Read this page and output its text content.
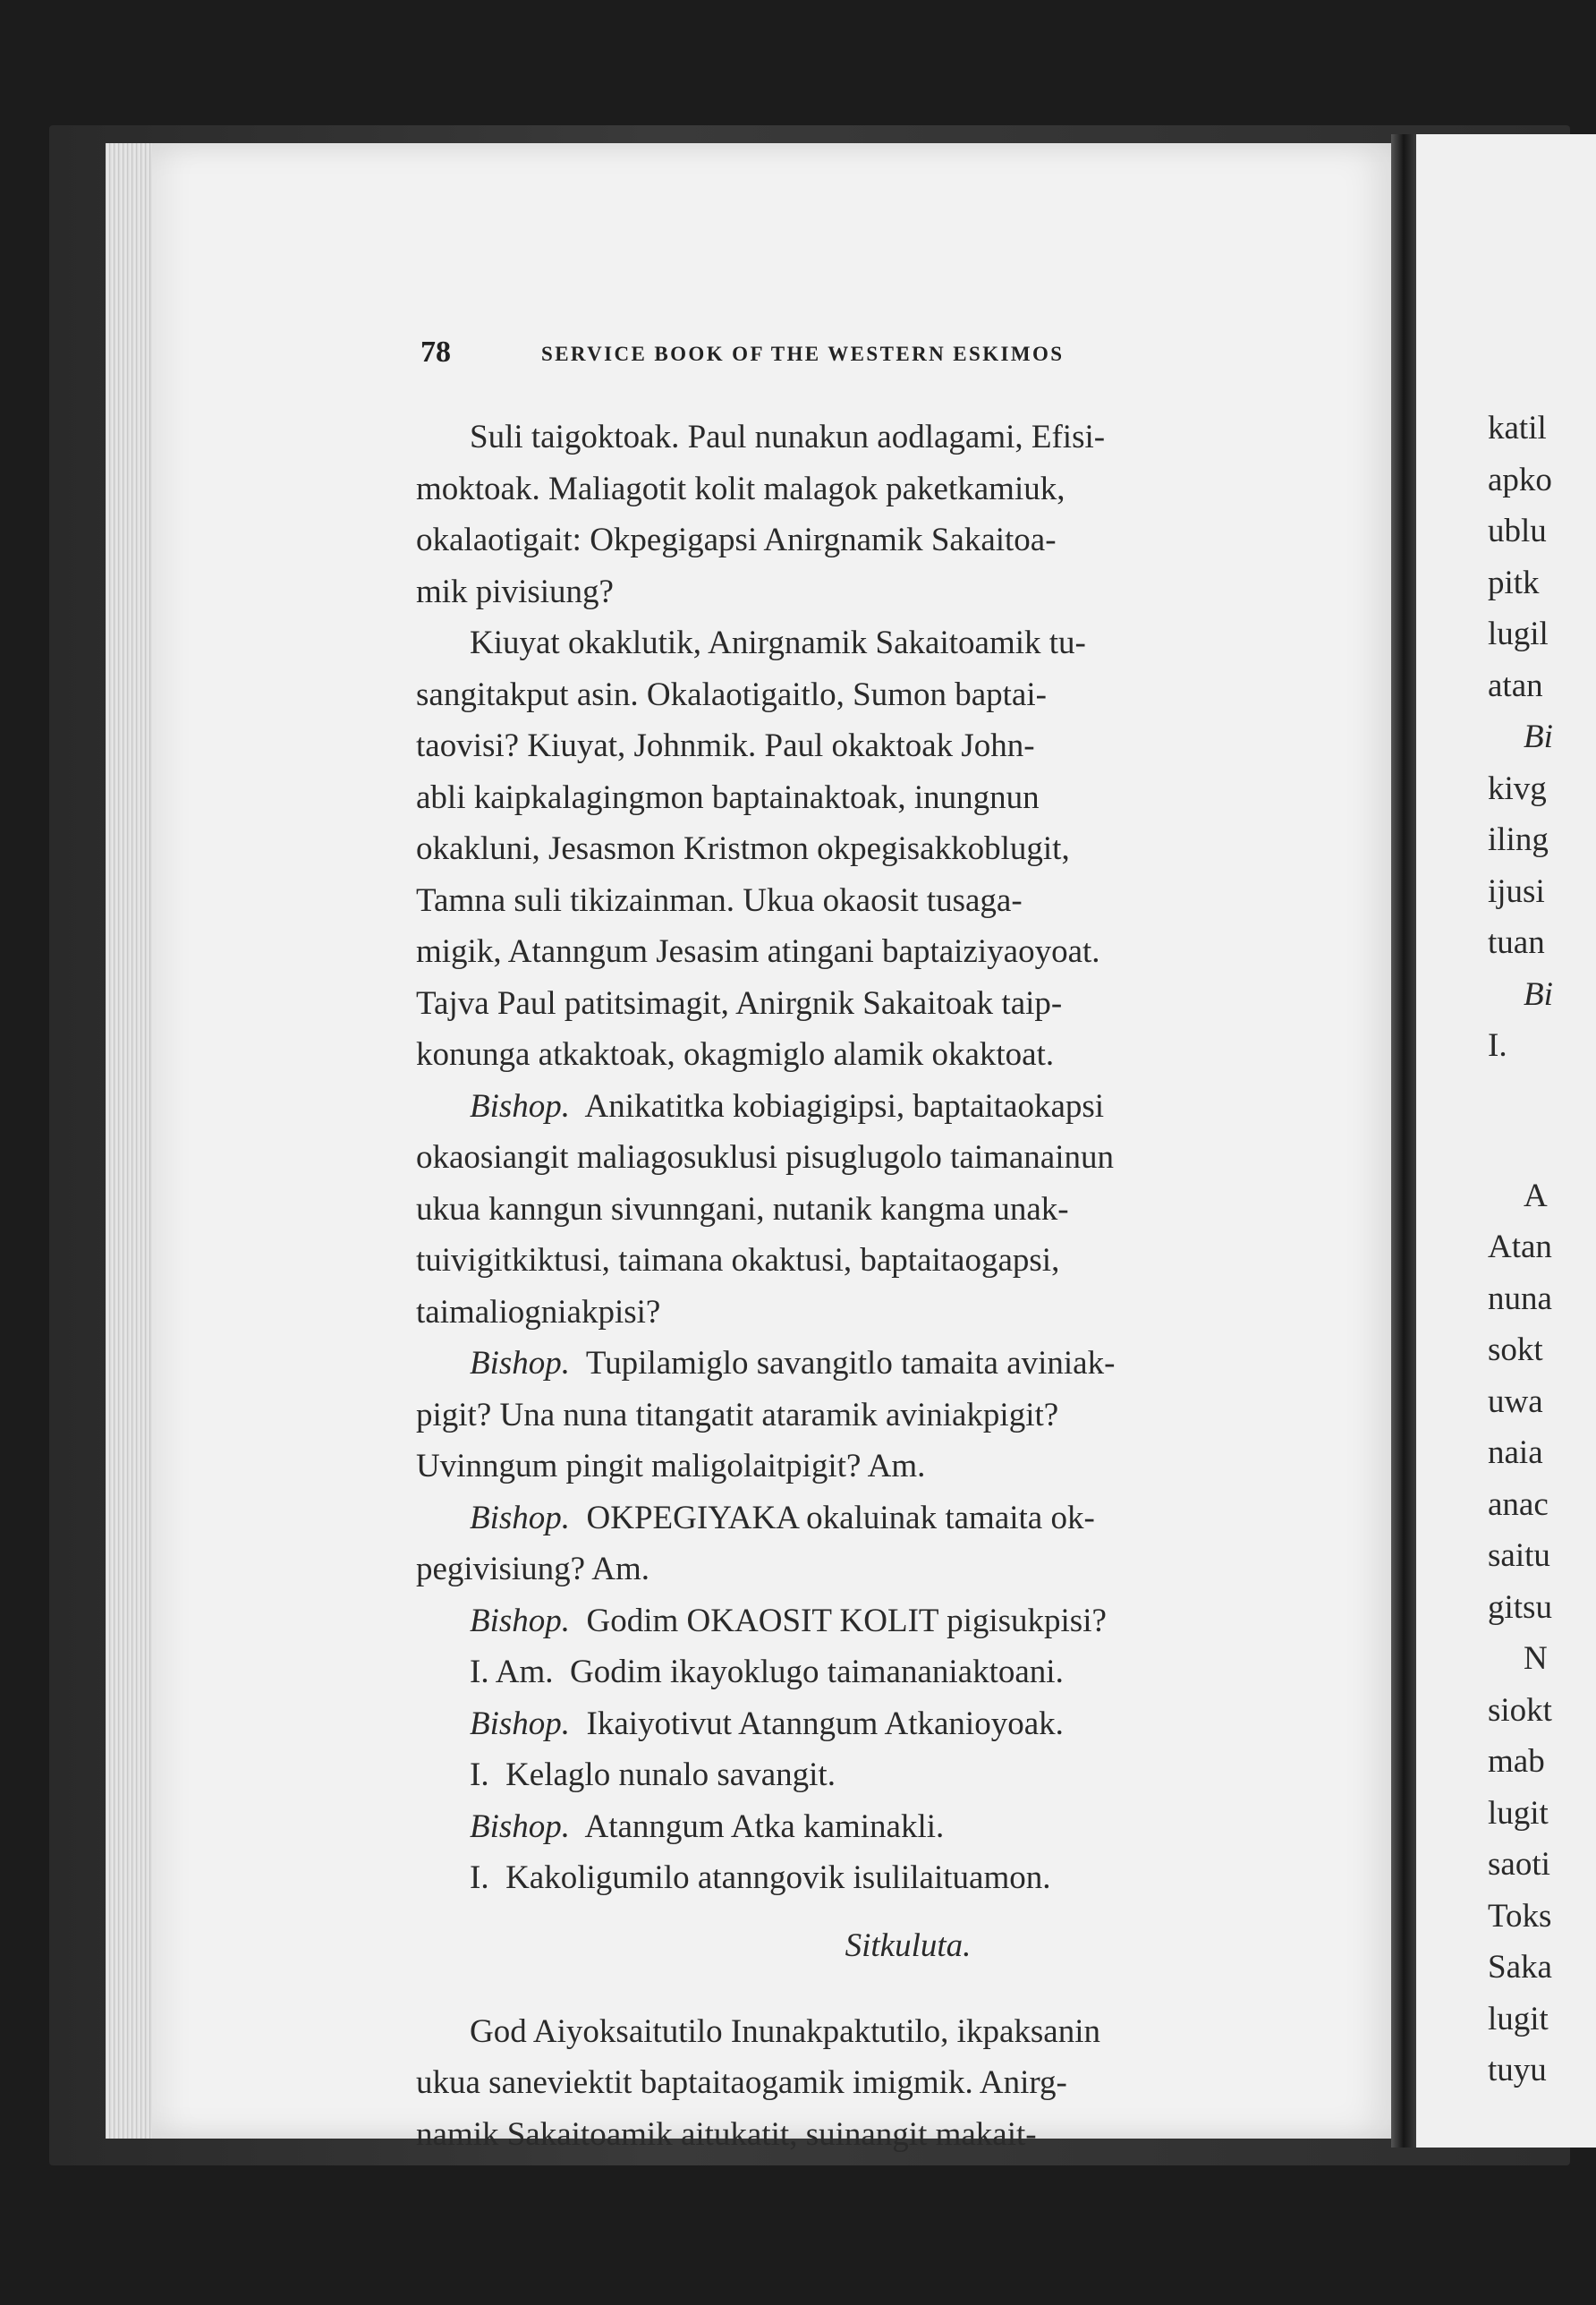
katil
apko
ublu
pitk
lugil
atan
Bi
kivg
iling
ijusi
tuan
Bi
I.
A
Atan
nuna
sokt
uwa
naia
anac
saitu
gitsu
N
siokt
mab
lugit
saoti
Toks
Saka
lugit
tuyu
78	SERVICE BOOK OF THE WESTERN ESKIMOS
Suli taigoktoak. Paul nunakun aodlagami, Efisi-
moktoak. Maliagotit kolit malagok paketkamiuk,
okalaotigait: Okpegigapsi Anirgnamik Sakaitoa-
mik pivisiung?
Kiuyat okaklutik, Anirgnamik Sakaitoamik tu-
sangitakput asin. Okalaotigaitlo, Sumon baptai-
taovisi? Kiuyat, Johnmik. Paul okaktoak John-
abli kaipkalagingmon baptainaktoak, inungnun
okakluni, Jesasmon Kristmon okpegisakkoblugit,
Tamna suli tikizainman. Ukua okaosit tusaga-
migik, Atanngum Jesasim atingani baptaiziyaoyoat.
Tajva Paul patitsimagit, Anirgnik Sakaitoak taip-
konunga atkaktoak, okagmiglo alamik okaktoat.
Bishop.  Anikatitka kobiagigipsi, baptaitaokapsi
okaosiangit maliagosuklusi pisuglugolo taimanainun
ukua kanngun sivunngani, nutanik kangma unak-
tuivigitkiktusi, taimana okaktusi, baptaitaogapsi,
taimaliogniakpisi?
Bishop.  Tupilamiglo savangitlo tamaita aviniak-
pigit? Una nuna titangatit ataramik aviniakpigit?
Uvinngum pingit maligolaitpigit? Am.
Bishop.  OKPEGIYAKA okaluinak tamaita ok-
pegivisiung? Am.
Bishop.  Godim OKAOSIT KOLIT pigisukpisi?
I. Am.  Godim ikayoklugo taimananiaktoani.
Bishop.  Ikaiyotivut Atanngum Atkanioyoak.
I.  Kelaglo nunalo savangit.
Bishop.  Atanngum Atka kaminakli.
I.  Kakoligumilo atanngovik isulilaituamon.
Sitkuluta.
God Aiyoksaitutilo Inunakpaktutilo, ikpaksanin
ukua saneviektit baptaitaogamik imigmik. Anirg-
namik Sakaitoamik aitukatit, suinangit makait-
